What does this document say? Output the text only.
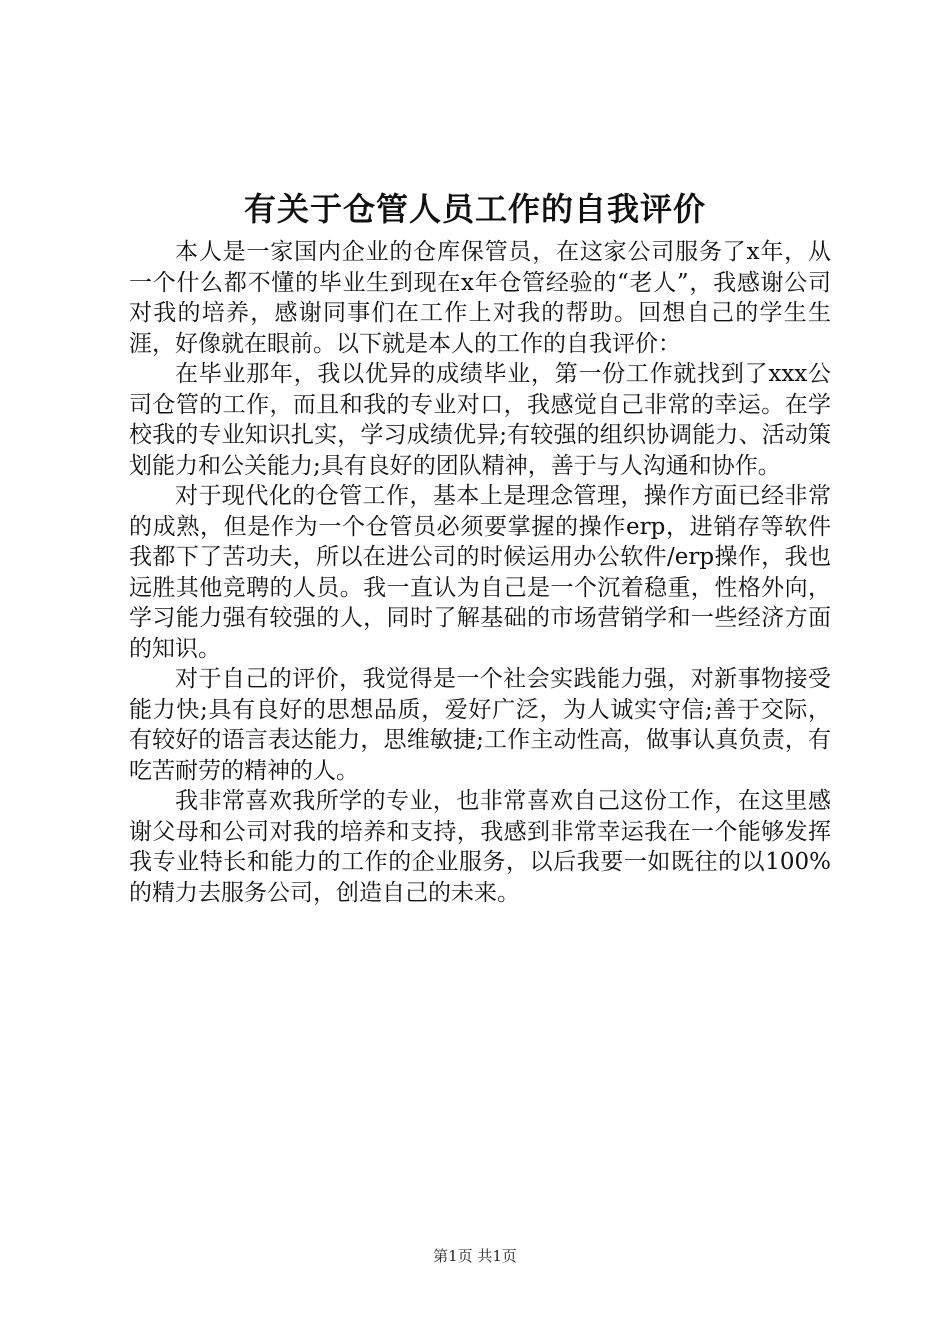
有关于仓管人员工作的自我评价

本人是一家国内企业的仓库保管员，在这家公司服务了x年，从一个什么都不懂的毕业生到现在x年仓管经验的“老人”，我感谢公司对我的培养，感谢同事们在工作上对我的帮助。回想自己的学生生涯，好像就在眼前。以下就是本人的工作的自我评价：

在毕业那年，我以优异的成绩毕业，第一份工作就找到了xxx公司仓管的工作，而且和我的专业对口，我感觉自己非常的幸运。在学校我的专业知识扎实，学习成绩优异;有较强的组织协调能力、活动策划能力和公关能力;具有良好的团队精神，善于与人沟通和协作。

对于现代化的仓管工作，基本上是理念管理，操作方面已经非常的成熟，但是作为一个仓管员必须要掌握的操作erp，进销存等软件我都下了苦功夫，所以在进公司的时候运用办公软件/erp操作，我也远胜其他竞聘的人员。我一直认为自己是一个沉着稳重，性格外向，学习能力强有较强的人，同时了解基础的市场营销学和一些经济方面的知识。

对于自己的评价，我觉得是一个社会实践能力强，对新事物接受能力快;具有良好的思想品质，爱好广泛，为人诚实守信;善于交际，有较好的语言表达能力，思维敏捷;工作主动性高，做事认真负责，有吃苦耐劳的精神的人。

我非常喜欢我所学的专业，也非常喜欢自己这份工作，在这里感谢父母和公司对我的培养和支持，我感到非常幸运我在一个能够发挥我专业特长和能力的工作的企业服务，以后我要一如既往的以100%的精力去服务公司，创造自己的未来。

第1页 共1页
